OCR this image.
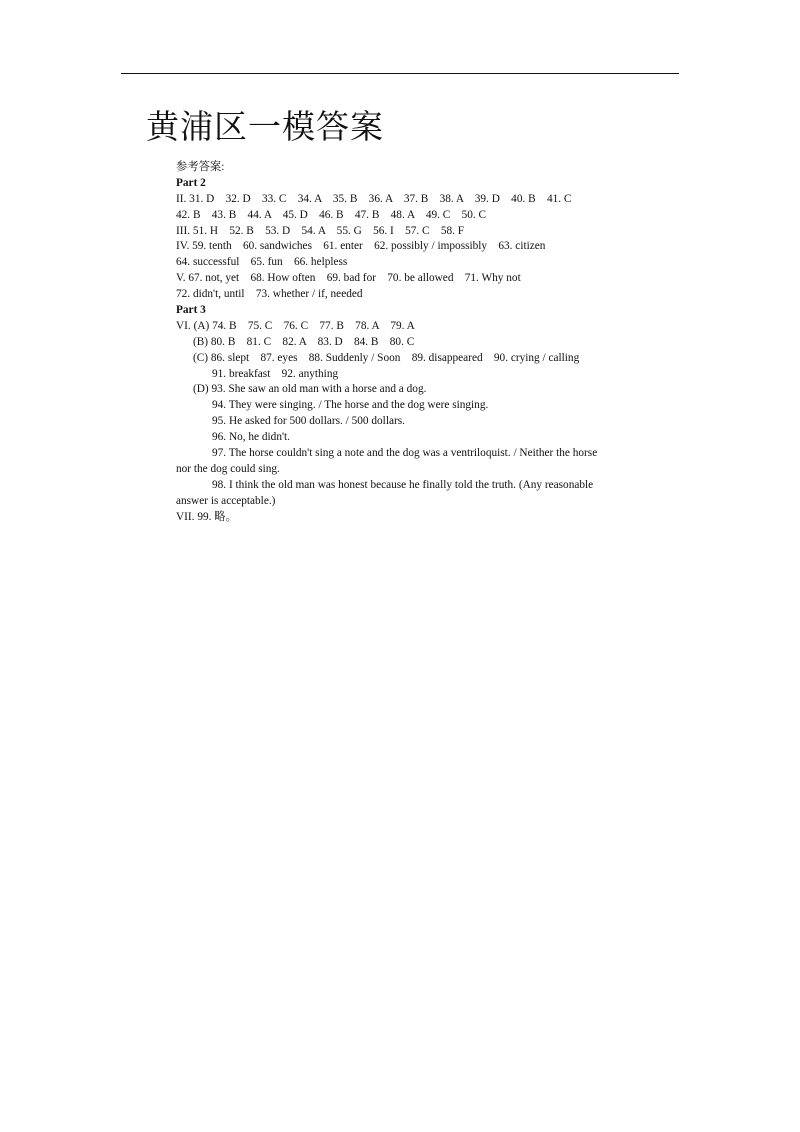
黄浦区一模答案
参考答案:
Part 2
II. 31. D    32. D    33. C    34. A    35. B    36. A    37. B    38. A    39. D    40. B    41. C
42. B    43. B    44. A    45. D    46. B    47. B    48. A    49. C    50. C
III. 51. H    52. B    53. D    54. A    55. G    56. I    57. C    58. F
IV. 59. tenth    60. sandwiches    61. enter    62. possibly / impossibly    63. citizen
64. successful    65. fun    66. helpless
V. 67. not, yet    68. How often    69. bad for    70. be allowed    71. Why not
72. didn't, until    73. whether / if, needed
Part 3
VI. (A) 74. B    75. C    76. C    77. B    78. A    79. A
(B) 80. B    81. C    82. A    83. D    84. B    80. C
(C) 86. slept    87. eyes    88. Suddenly / Soon    89. disappeared    90. crying / calling
91. breakfast    92. anything
(D) 93. She saw an old man with a horse and a dog.
94. They were singing. / The horse and the dog were singing.
95. He asked for 500 dollars. / 500 dollars.
96. No, he didn't.
97. The horse couldn't sing a note and the dog was a ventriloquist. / Neither the horse
nor the dog could sing.
98. I think the old man was honest because he finally told the truth. (Any reasonable
answer is acceptable.)
VII. 99. 略。
